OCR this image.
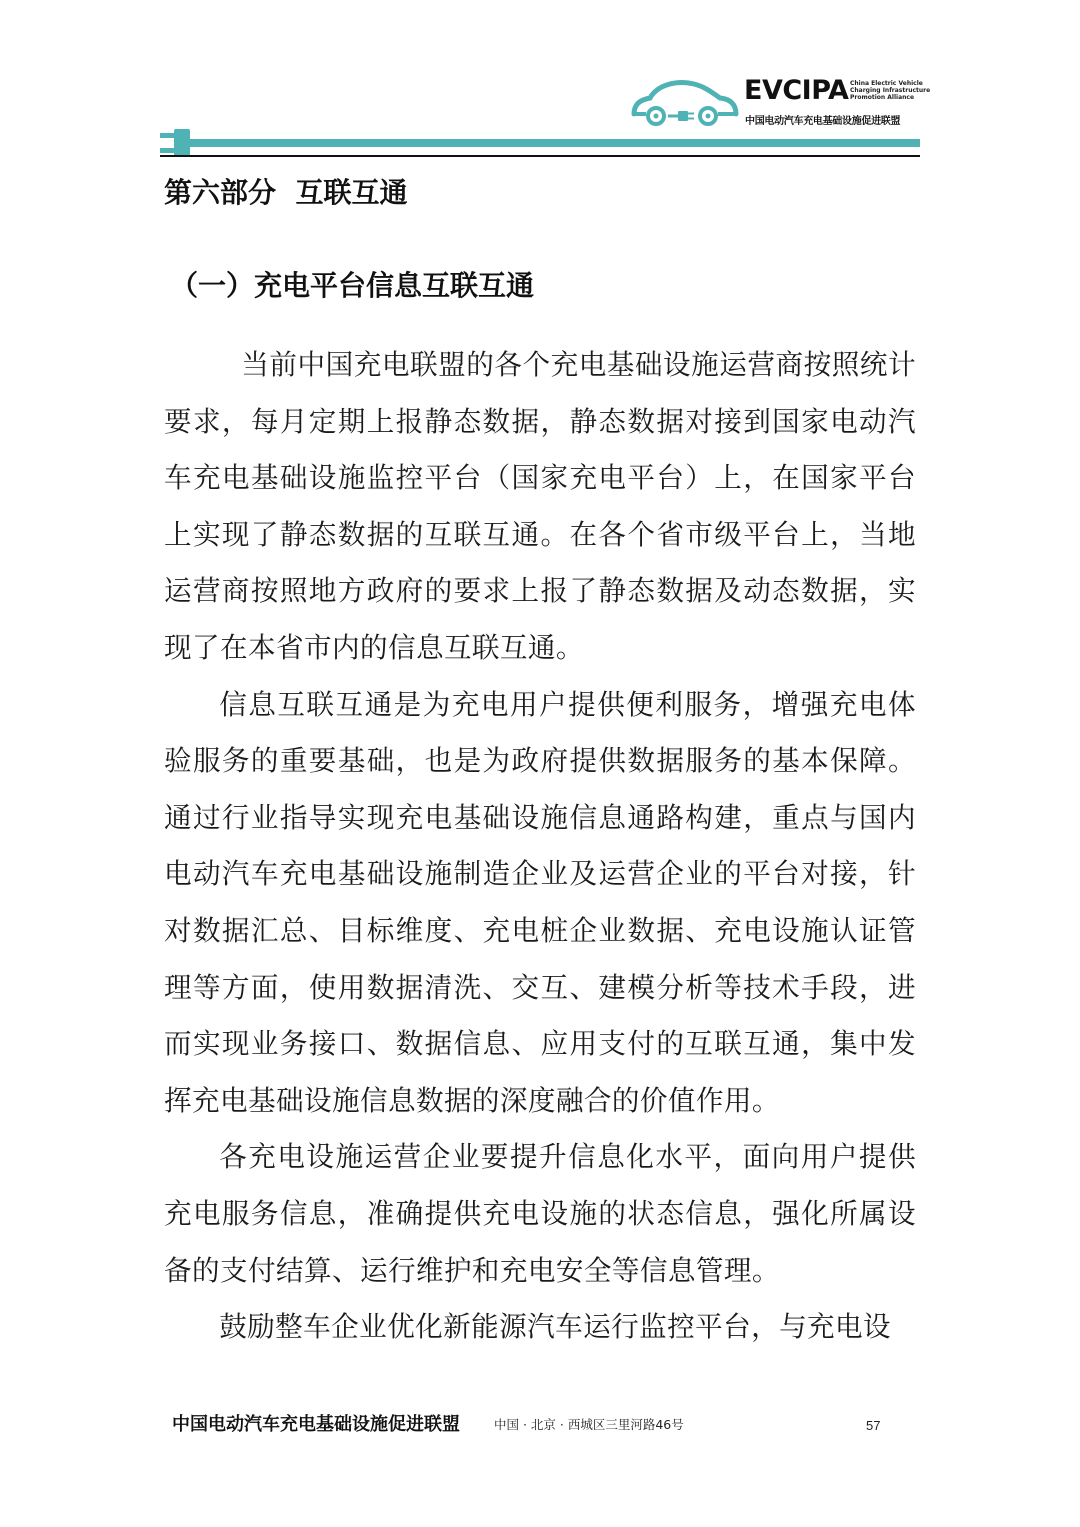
EVCIPA China Electric Vehicle
Charging Infrastructure
Promotion Alliance
中国电动汽车充电基础设施促进联盟
第六部分  互联互通
（一）充电平台信息互联互通

当前中国充电联盟的各个充电基础设施运营商按照统计要求，每月定期上报静态数据，静态数据对接到国家电动汽车充电基础设施监控平台（国家充电平台）上，在国家平台上实现了静态数据的互联互通。在各个省市级平台上，当地运营商按照地方政府的要求上报了静态数据及动态数据，实现了在本省市内的信息互联互通。

信息互联互通是为充电用户提供便利服务，增强充电体验服务的重要基础，也是为政府提供数据服务的基本保障。通过行业指导实现充电基础设施信息通路构建，重点与国内电动汽车充电基础设施制造企业及运营企业的平台对接，针对数据汇总、目标维度、充电桩企业数据、充电设施认证管理等方面，使用数据清洗、交互、建模分析等技术手段，进而实现业务接口、数据信息、应用支付的互联互通，集中发挥充电基础设施信息数据的深度融合的价值作用。

各充电设施运营企业要提升信息化水平，面向用户提供充电服务信息，准确提供充电设施的状态信息，强化所属设备的支付结算、运行维护和充电安全等信息管理。

鼓励整车企业优化新能源汽车运行监控平台，与充电设

中国电动汽车充电基础设施促进联盟	中国 · 北京 · 西城区三里河路46号	57
